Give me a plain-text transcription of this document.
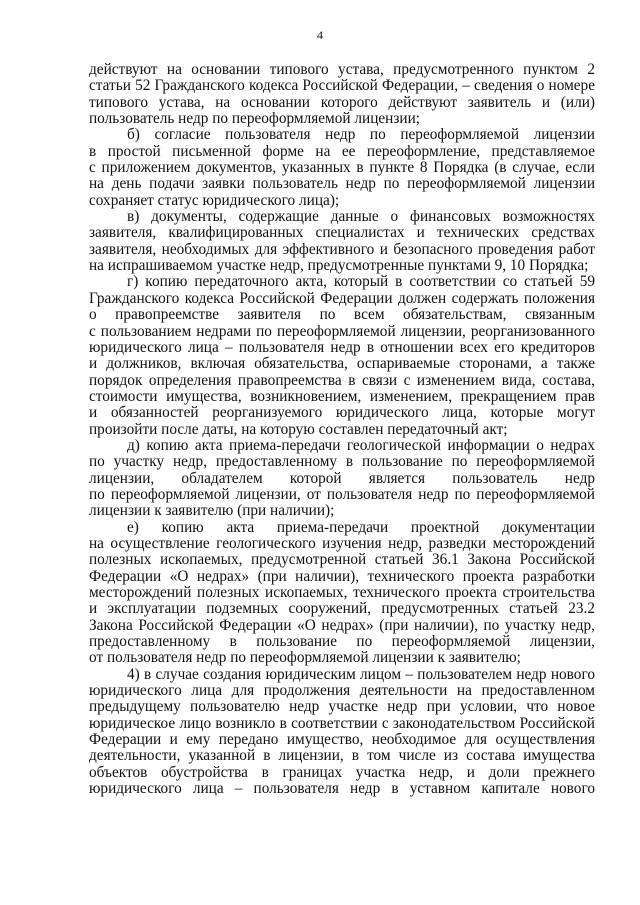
4
действуют на основании типового устава, предусмотренного пунктом 2
статьи 52 Гражданского кодекса Российской Федерации, – сведения о номере
типового устава, на основании которого действуют заявитель и (или)
пользователь недр по переоформляемой лицензии;
б) согласие пользователя недр по переоформляемой лицензии
в простой письменной форме на ее переоформление, представляемое
с приложением документов, указанных в пункте 8 Порядка (в случае, если
на день подачи заявки пользователь недр по переоформляемой лицензии
сохраняет статус юридического лица);
в) документы, содержащие данные о финансовых возможностях
заявителя, квалифицированных специалистах и технических средствах
заявителя, необходимых для эффективного и безопасного проведения работ
на испрашиваемом участке недр, предусмотренные пунктами 9, 10 Порядка;
г) копию передаточного акта, который в соответствии со статьей 59
Гражданского кодекса Российской Федерации должен содержать положения
о правопреемстве заявителя по всем обязательствам, связанным
с пользованием недрами по переоформляемой лицензии, реорганизованного
юридического лица – пользователя недр в отношении всех его кредиторов
и должников, включая обязательства, оспариваемые сторонами, а также
порядок определения правопреемства в связи с изменением вида, состава,
стоимости имущества, возникновением, изменением, прекращением прав
и обязанностей реорганизуемого юридического лица, которые могут
произойти после даты, на которую составлен передаточный акт;
д) копию акта приема-передачи геологической информации о недрах
по участку недр, предоставленному в пользование по переоформляемой
лицензии, обладателем которой является пользователь недр
по переоформляемой лицензии, от пользователя недр по переоформляемой
лицензии к заявителю (при наличии);
е) копию акта приема-передачи проектной документации
на осуществление геологического изучения недр, разведки месторождений
полезных ископаемых, предусмотренной статьей 36.1 Закона Российской
Федерации «О недрах» (при наличии), технического проекта разработки
месторождений полезных ископаемых, технического проекта строительства
и эксплуатации подземных сооружений, предусмотренных статьей 23.2
Закона Российской Федерации «О недрах» (при наличии), по участку недр,
предоставленному в пользование по переоформляемой лицензии,
от пользователя недр по переоформляемой лицензии к заявителю;
4) в случае создания юридическим лицом – пользователем недр нового
юридического лица для продолжения деятельности на предоставленном
предыдущему пользователю недр участке недр при условии, что новое
юридическое лицо возникло в соответствии с законодательством Российской
Федерации и ему передано имущество, необходимое для осуществления
деятельности, указанной в лицензии, в том числе из состава имущества
объектов обустройства в границах участка недр, и доли прежнего
юридического лица – пользователя недр в уставном капитале нового
